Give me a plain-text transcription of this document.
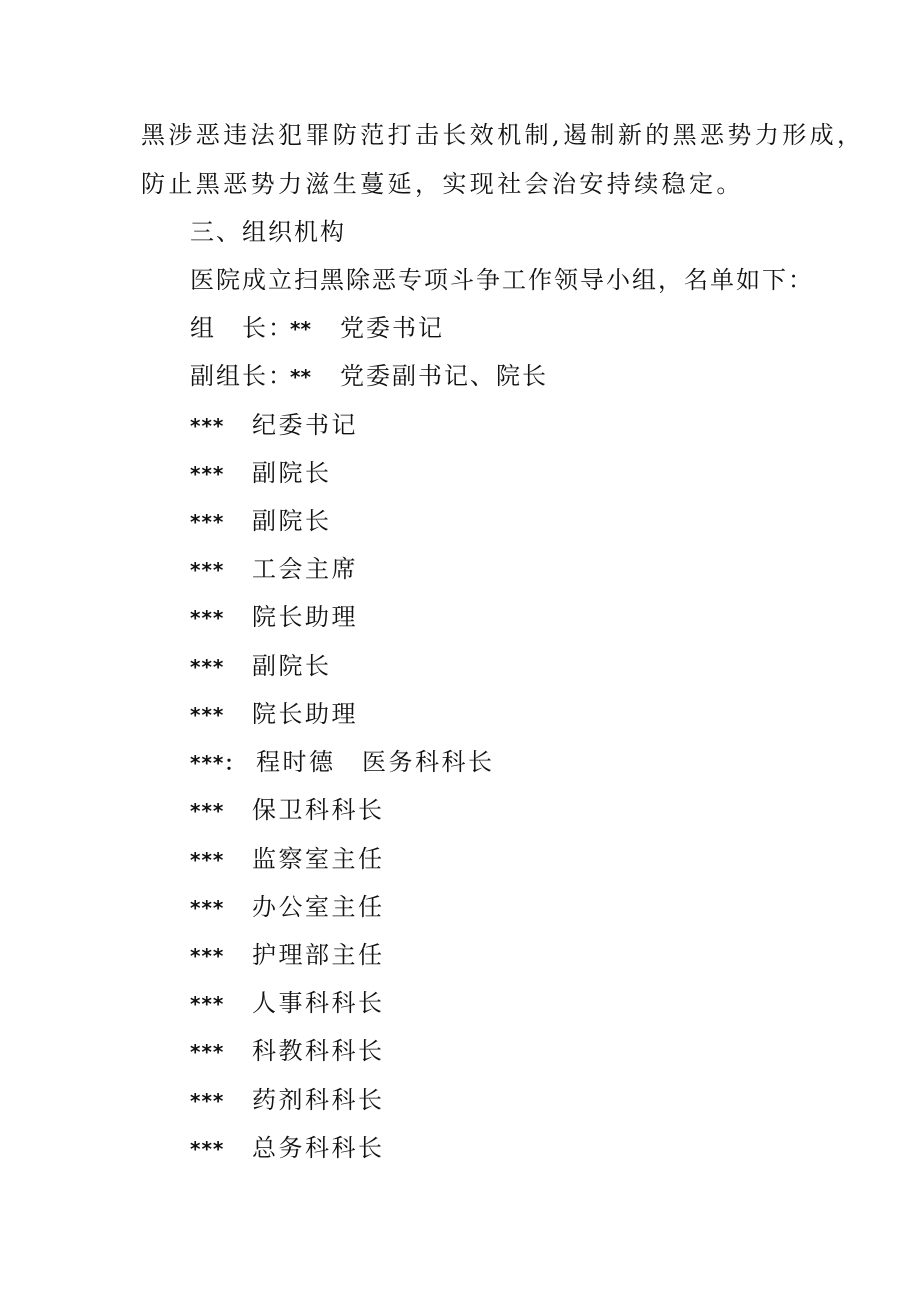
黑涉恶违法犯罪防范打击长效机制,遏制新的黑恶势力形成，
防止黑恶势力滋生蔓延，实现社会治安持续稳定。
三、组织机构
医院成立扫黑除恶专项斗争工作领导小组，名单如下：
组　长：** 党委书记
副组长：** 党委副书记、院长
*** 纪委书记
*** 副院长
*** 副院长
*** 工会主席
*** 院长助理
*** 副院长
*** 院长助理
***： 程时德　医务科科长
*** 保卫科科长
*** 监察室主任
*** 办公室主任
*** 护理部主任
*** 人事科科长
*** 科教科科长
*** 药剂科科长
*** 总务科科长
